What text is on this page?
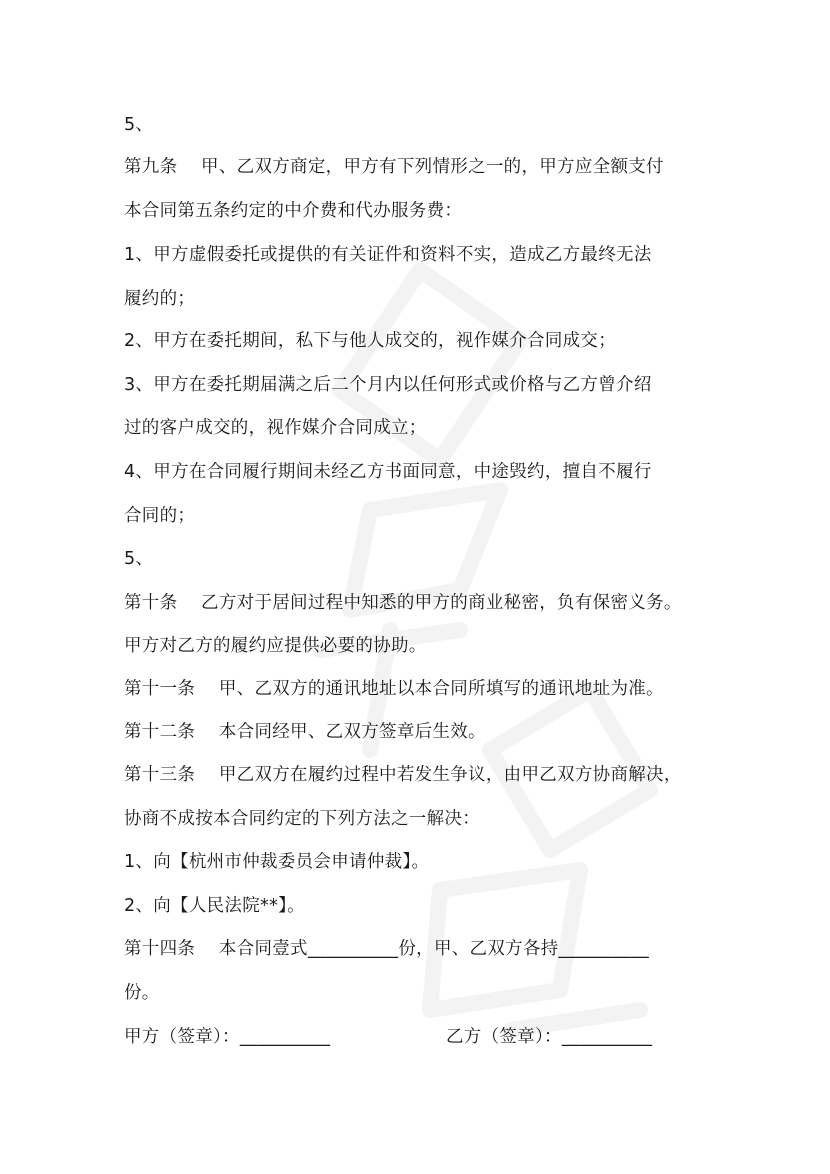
5、
第九条　 甲、乙双方商定，甲方有下列情形之一的，甲方应全额支付
本合同第五条约定的中介费和代办服务费：
1、甲方虚假委托或提供的有关证件和资料不实，造成乙方最终无法
履约的；
2、甲方在委托期间，私下与他人成交的，视作媒介合同成交；
3、甲方在委托期届满之后二个月内以任何形式或价格与乙方曾介绍
过的客户成交的，视作媒介合同成立；
4、甲方在合同履行期间未经乙方书面同意，中途毁约，擅自不履行
合同的；
5、
第十条　 乙方对于居间过程中知悉的甲方的商业秘密，负有保密义务。
甲方对乙方的履约应提供必要的协助。
第十一条　 甲、乙双方的通讯地址以本合同所填写的通讯地址为准。
第十二条　 本合同经甲、乙双方签章后生效。
第十三条　 甲乙双方在履约过程中若发生争议，由甲乙双方协商解决，
协商不成按本合同约定的下列方法之一解决：
1、向【杭州市仲裁委员会申请仲裁】。
2、向【人民法院**】。
第十四条　 本合同壹式__________份，甲、乙双方各持__________
份。
甲方（签章）：__________	乙方（签章）：__________
